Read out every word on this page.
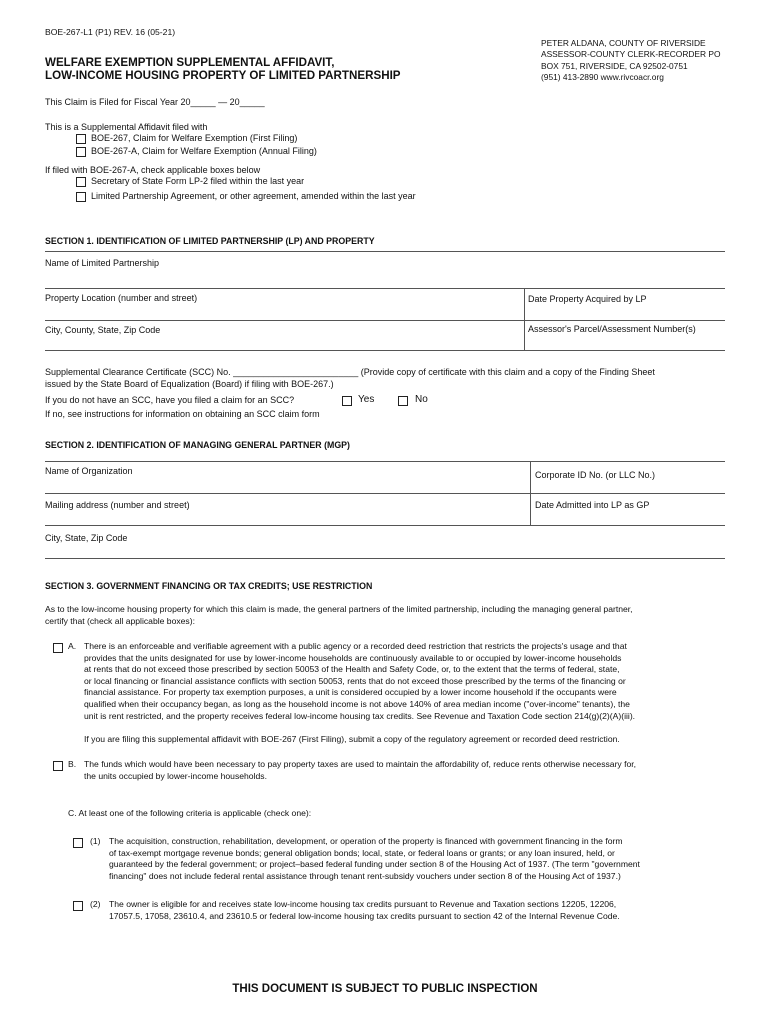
BOE-267-L1 (P1) REV. 16 (05-21)
WELFARE EXEMPTION SUPPLEMENTAL AFFIDAVIT,
LOW-INCOME HOUSING PROPERTY OF LIMITED PARTNERSHIP
PETER ALDANA, COUNTY OF RIVERSIDE
ASSESSOR-COUNTY CLERK-RECORDER PO
BOX 751, RIVERSIDE, CA 92502-0751
(951) 413-2890 www.rivcoacr.org
This Claim is Filed for Fiscal Year 20_____ — 20_____
This is a Supplemental Affidavit filed with
BOE-267, Claim for Welfare Exemption (First Filing)
BOE-267-A, Claim for Welfare Exemption (Annual Filing)
If filed with BOE-267-A, check applicable boxes below
Secretary of State Form LP-2 filed within the last year
Limited Partnership Agreement, or other agreement, amended within the last year
SECTION 1. IDENTIFICATION OF LIMITED PARTNERSHIP (LP) AND PROPERTY
Name of Limited Partnership
Property Location (number and street)	Date Property Acquired by LP
City, County, State, Zip Code	Assessor's Parcel/Assessment Number(s)
Supplemental Clearance Certificate (SCC) No. _________________________ (Provide copy of certificate with this claim and a copy of the Finding Sheet
issued by the State Board of Equalization (Board) if filing with BOE-267.)
If you do not have an SCC, have you filed a claim for an SCC?	Yes	No
If no, see instructions for information on obtaining an SCC claim form
SECTION 2. IDENTIFICATION OF MANAGING GENERAL PARTNER (MGP)
Name of Organization	Corporate ID No. (or LLC No.)
Mailing address (number and street)	Date Admitted into LP as GP
City, State, Zip Code
SECTION 3. GOVERNMENT FINANCING OR TAX CREDITS; USE RESTRICTION
As to the low-income housing property for which this claim is made, the general partners of the limited partnership, including the managing general partner,
certify that (check all applicable boxes):
A. There is an enforceable and verifiable agreement with a public agency or a recorded deed restriction that restricts the projects's usage and that
provides that the units designated for use by lower-income households are continuously available to or occupied by lower-income households
at rents that do not exceed those prescribed by section 50053 of the Health and Safety Code, or, to the extent that the terms of federal, state,
or local financing or financial assistance conflicts with section 50053, rents that do not exceed those prescribed by the terms of the financing or
financial assistance. For property tax exemption purposes, a unit is considered occupied by a lower income household if the occupants were
qualified when their occupancy began, as long as the household income is not above 140% of area median income ("over-income" tenants), the
unit is rent restricted, and the property receives federal low-income housing tax credits. See Revenue and Taxation Code section 214(g)(2)(A)(iii).
If you are filing this supplemental affidavit with BOE-267 (First Filing), submit a copy of the regulatory agreement or recorded deed restriction.
B. The funds which would have been necessary to pay property taxes are used to maintain the affordability of, reduce rents otherwise necessary for,
the units occupied by lower-income households.
C. At least one of the following criteria is applicable (check one):
(1) The acquisition, construction, rehabilitation, development, or operation of the property is financed with government financing in the form
of tax-exempt mortgage revenue bonds; general obligation bonds; local, state, or federal loans or grants; or any loan insured, held, or
guaranteed by the federal government; or project–based federal funding under section 8 of the Housing Act of 1937. (The term "government
financing" does not include federal rental assistance through tenant rent-subsidy vouchers under section 8 of the Housing Act of 1937.)
(2) The owner is eligible for and receives state low-income housing tax credits pursuant to Revenue and Taxation sections 12205, 12206,
17057.5, 17058, 23610.4, and 23610.5 or federal low-income housing tax credits pursuant to section 42 of the Internal Revenue Code.
THIS DOCUMENT IS SUBJECT TO PUBLIC INSPECTION
